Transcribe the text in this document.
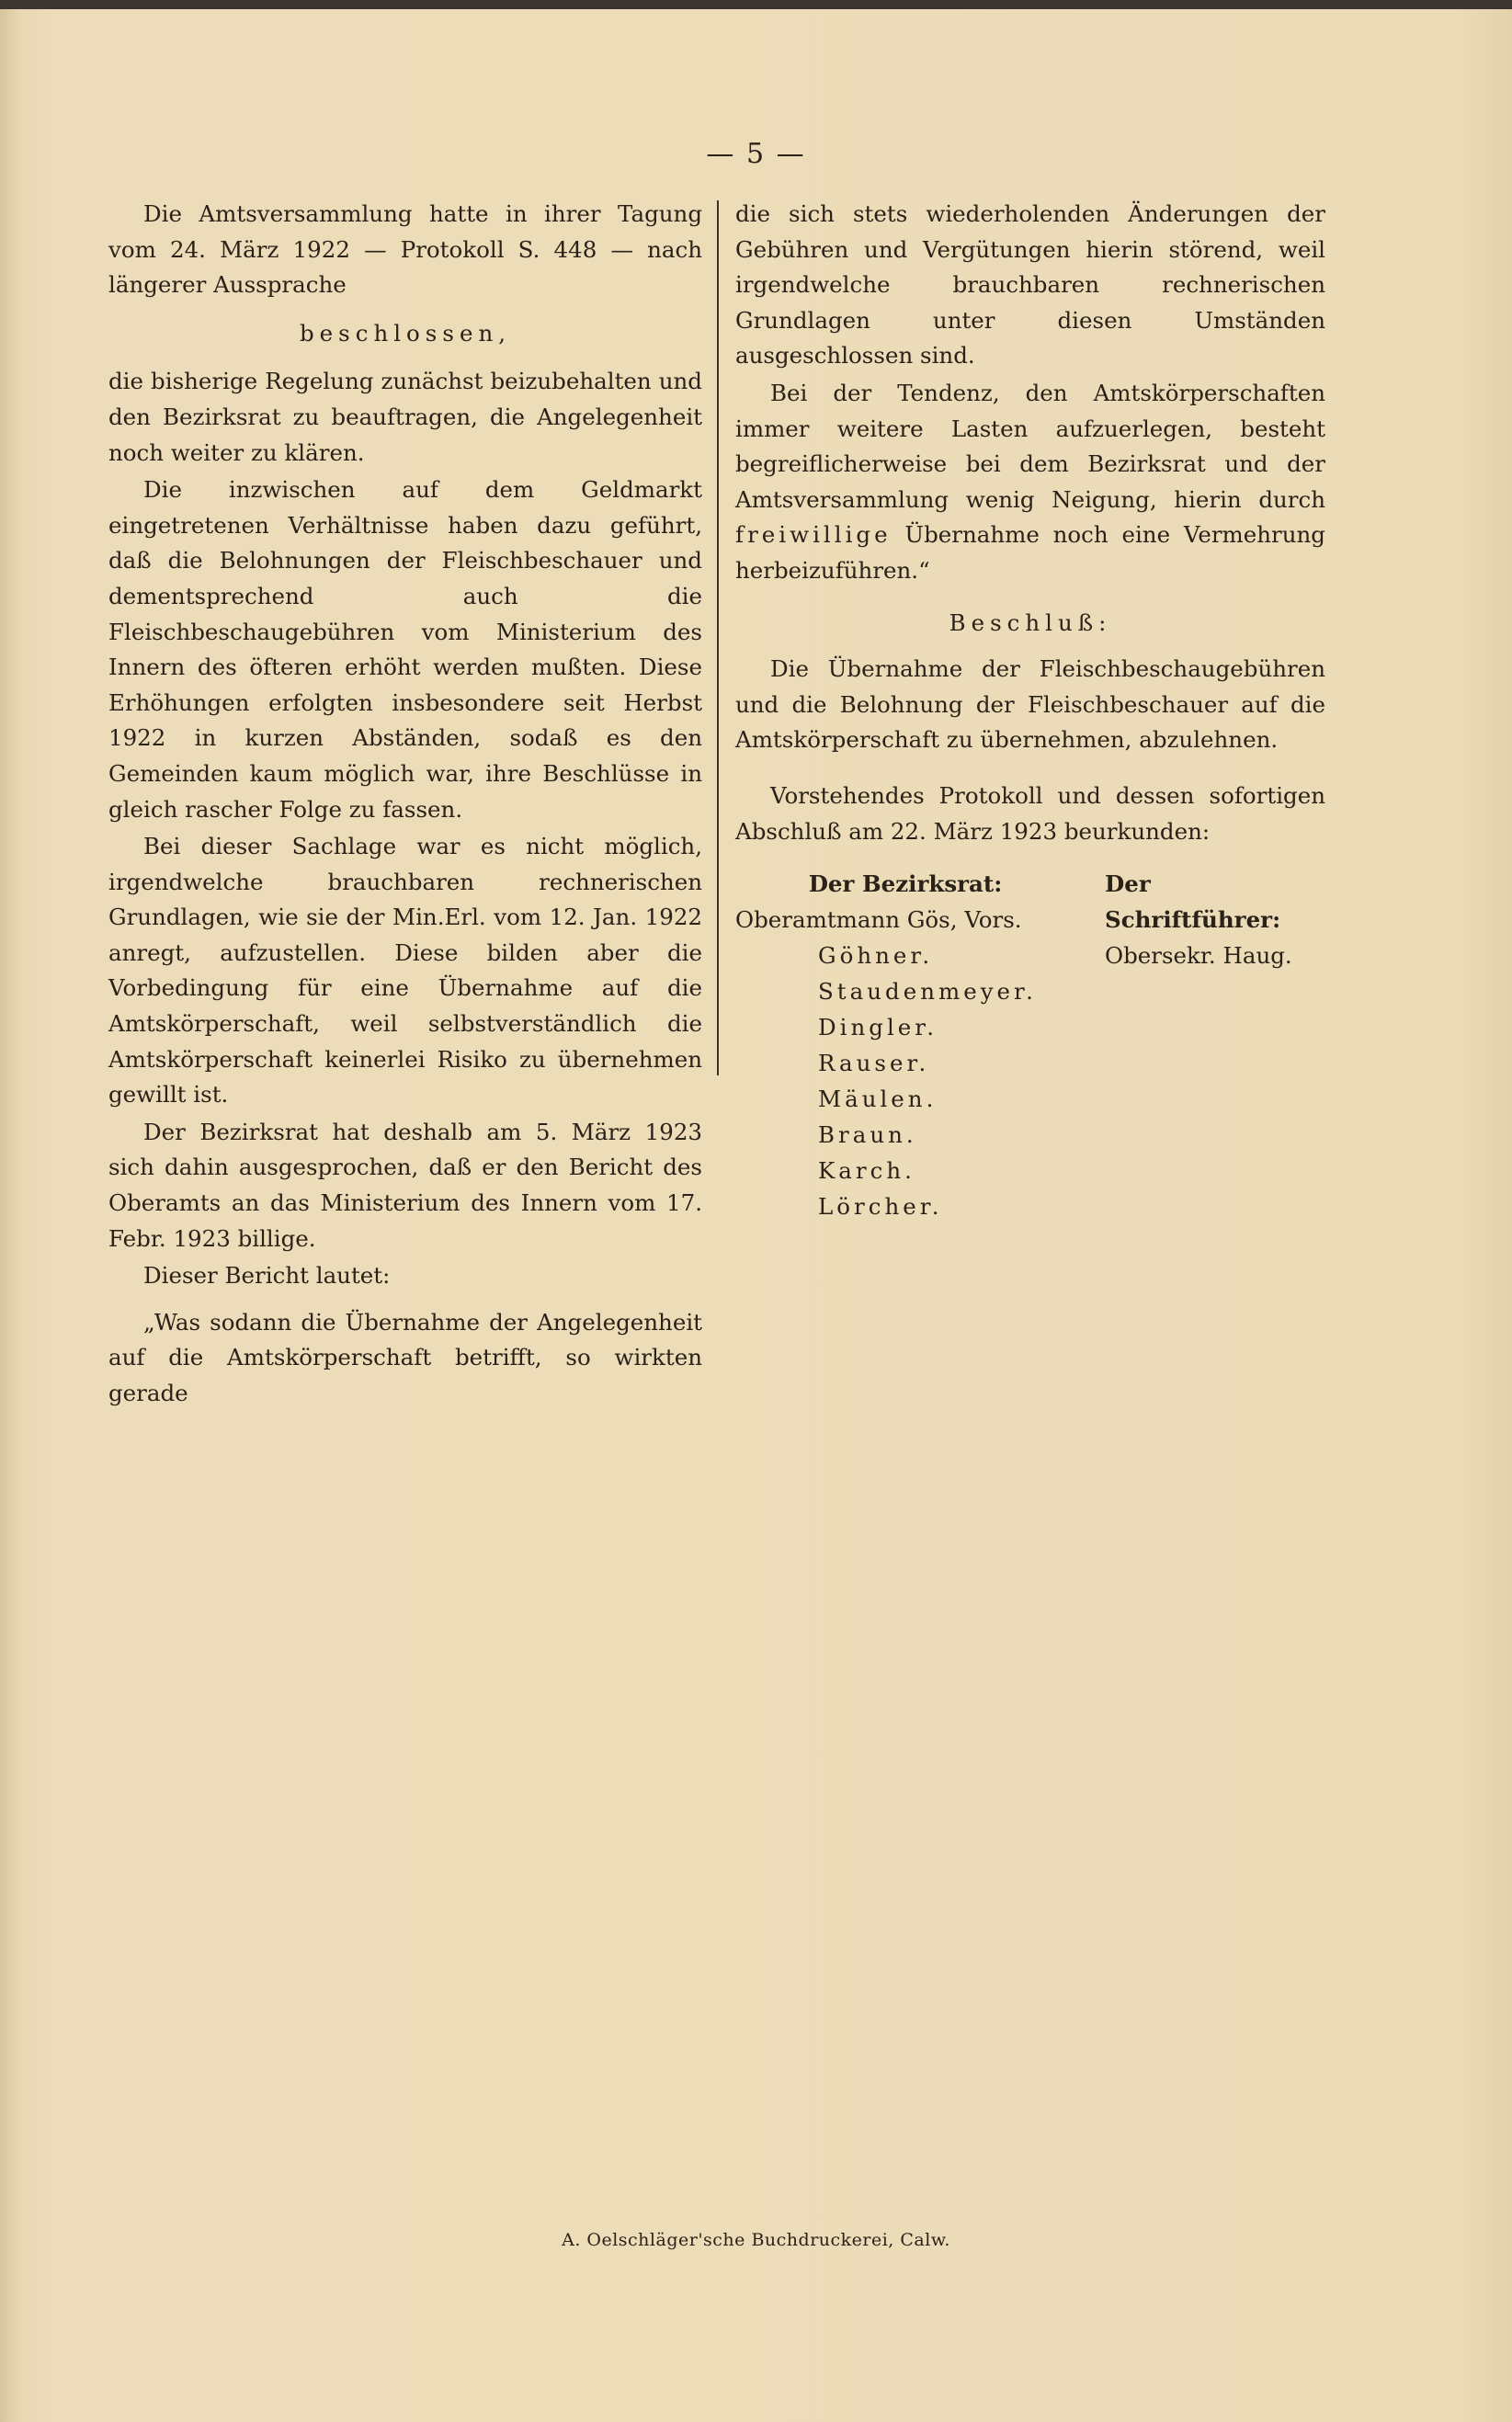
— 5 —

Die Amtsversammlung hatte in ihrer Tagung vom 24. März 1922 — Protokoll S. 448 — nach längerer Aussprache

beschlossen,

die bisherige Regelung zunächst beizubehalten und den Bezirksrat zu beauftragen, die Angelegenheit noch weiter zu klären.

Die inzwischen auf dem Geldmarkt eingetretenen Verhältnisse haben dazu geführt, daß die Belohnungen der Fleischbeschauer und dementsprechend auch die Fleischbeschaugebühren vom Ministerium des Innern des öfteren erhöht werden mußten. Diese Erhöhungen erfolgten insbesondere seit Herbst 1922 in kurzen Abständen, sodaß es den Gemeinden kaum möglich war, ihre Beschlüsse in gleich rascher Folge zu fassen.

Bei dieser Sachlage war es nicht möglich, irgendwelche brauchbaren rechnerischen Grundlagen, wie sie der Min.Erl. vom 12. Jan. 1922 anregt, aufzustellen. Diese bilden aber die Vorbedingung für eine Übernahme auf die Amtskörperschaft, weil selbstverständlich die Amtskörperschaft keinerlei Risiko zu übernehmen gewillt ist.

Der Bezirksrat hat deshalb am 5. März 1923 sich dahin ausgesprochen, daß er den Bericht des Oberamts an das Ministerium des Innern vom 17. Febr. 1923 billige.

Dieser Bericht lautet:

„Was sodann die Übernahme der Angelegenheit auf die Amtskörperschaft betrifft, so wirkten gerade

die sich stets wiederholenden Änderungen der Gebühren und Vergütungen hierin störend, weil irgendwelche brauchbaren rechnerischen Grundlagen unter diesen Umständen ausgeschlossen sind.

Bei der Tendenz, den Amtskörperschaften immer weitere Lasten aufzuerlegen, besteht begreiflicherweise bei dem Bezirksrat und der Amtsversammlung wenig Neigung, hierin durch freiwillige Übernahme noch eine Vermehrung herbeizuführen.“

Beschluß:

Die Übernahme der Fleischbeschaugebühren und die Belohnung der Fleischbeschauer auf die Amtskörperschaft zu übernehmen, abzulehnen.

Vorstehendes Protokoll und dessen sofortigen Abschluß am 22. März 1923 beurkunden:

Der Bezirksrat:
Oberamtmann Gös, Vors.
Göhner.
Staudenmeyer.
Dingler.
Rauser.
Mäulen.
Braun.
Karch.
Lörcher.
Der Schriftführer:
Obersekr. Haug.
A. Oelschläger'sche Buchdruckerei, Calw.
